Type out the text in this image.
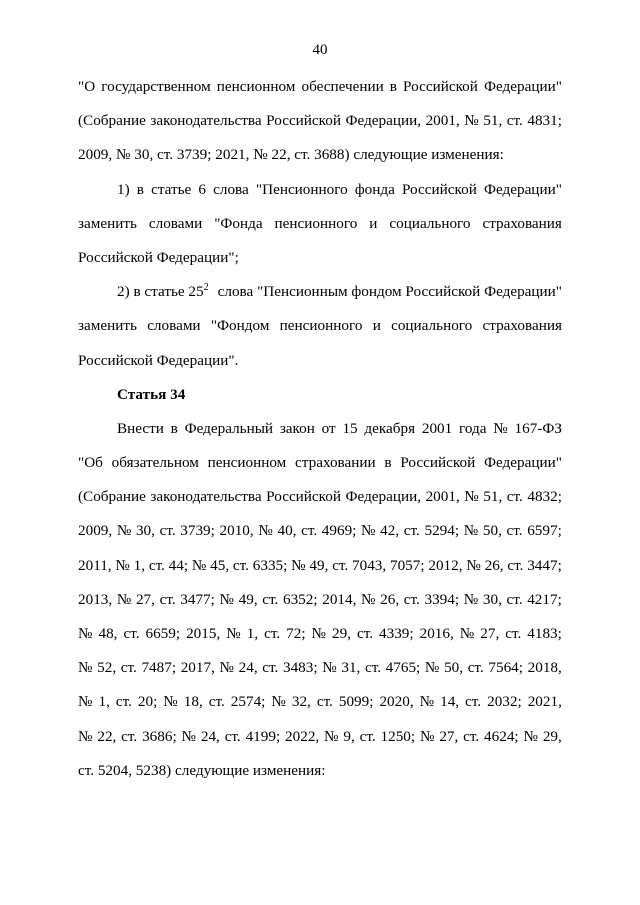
40
"О государственном пенсионном обеспечении в Российской Федерации"
(Собрание законодательства Российской Федерации, 2001, № 51, ст. 4831;
2009, № 30, ст. 3739; 2021, № 22, ст. 3688) следующие изменения:
1) в статье 6 слова "Пенсионного фонда Российской Федерации"
заменить словами "Фонда пенсионного и социального страхования
Российской Федерации";
2) в статье $25^2$ слова "Пенсионным фондом Российской Федерации"
заменить словами "Фондом пенсионного и социального страхования
Российской Федерации".
Статья 34
Внести в Федеральный закон от 15 декабря 2001 года № 167-ФЗ
"Об обязательном пенсионном страховании в Российской Федерации"
(Собрание законодательства Российской Федерации, 2001, № 51, ст. 4832;
2009, № 30, ст. 3739; 2010, № 40, ст. 4969; № 42, ст. 5294; № 50, ст. 6597;
2011, № 1, ст. 44; № 45, ст. 6335; № 49, ст. 7043, 7057; 2012, № 26, ст. 3447;
2013, № 27, ст. 3477; № 49, ст. 6352; 2014, № 26, ст. 3394; № 30, ст. 4217;
№ 48, ст. 6659; 2015, № 1, ст. 72; № 29, ст. 4339; 2016, № 27, ст. 4183;
№ 52, ст. 7487; 2017, № 24, ст. 3483; № 31, ст. 4765; № 50, ст. 7564; 2018,
№ 1, ст. 20; № 18, ст. 2574; № 32, ст. 5099; 2020, № 14, ст. 2032; 2021,
№ 22, ст. 3686; № 24, ст. 4199; 2022, № 9, ст. 1250; № 27, ст. 4624; № 29,
ст. 5204, 5238) следующие изменения:
